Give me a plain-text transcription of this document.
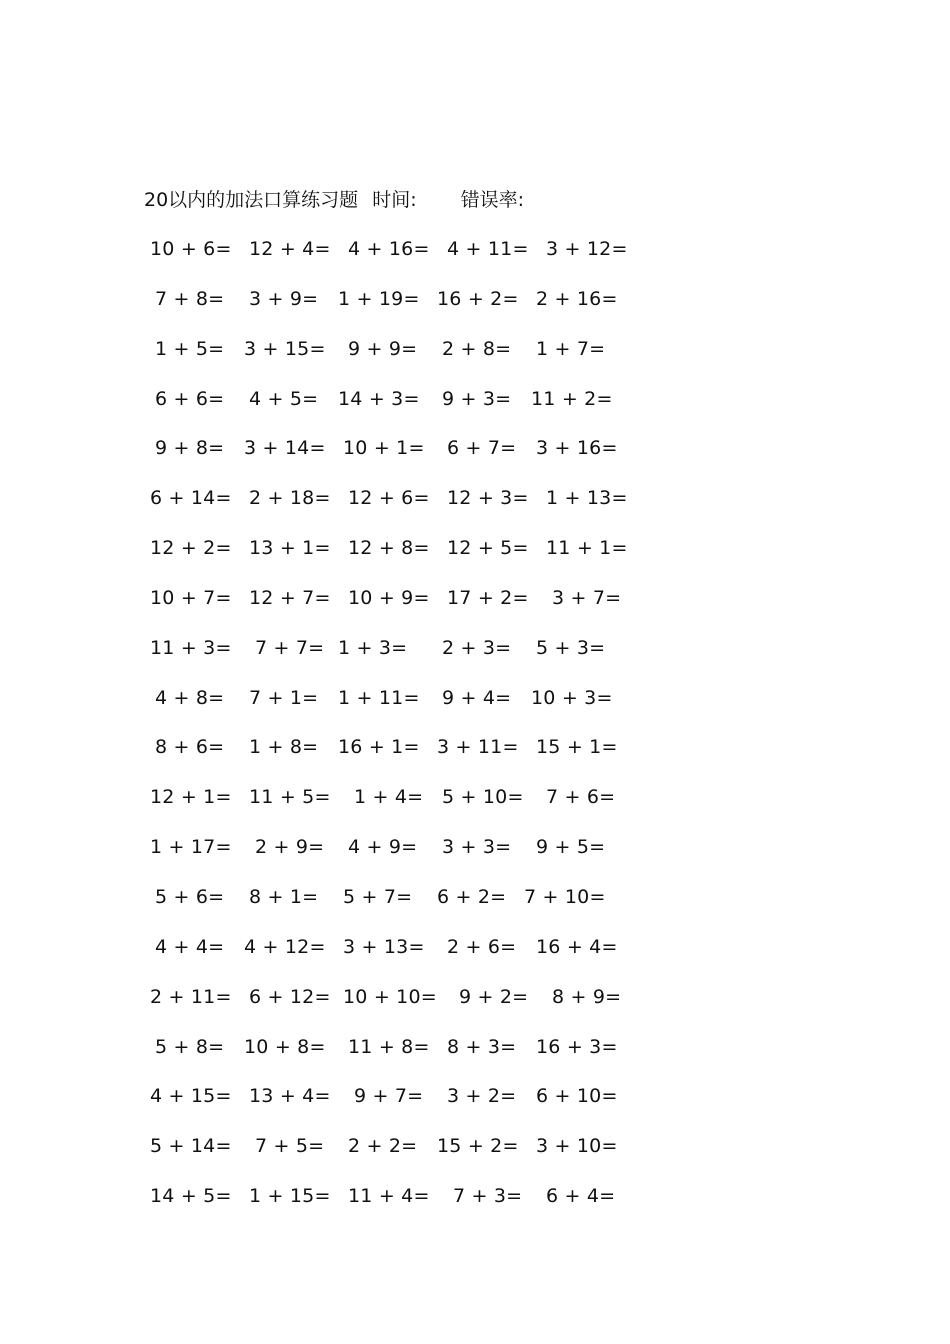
20以内的加法口算练习题 时间: 错误率:
10 + 6= 12 + 4= 4 + 16= 4 + 11= 3 + 12=
7 + 8= 3 + 9= 1 + 19= 16 + 2= 2 + 16=
1 + 5= 3 + 15= 9 + 9= 2 + 8= 1 + 7=
6 + 6= 4 + 5= 14 + 3= 9 + 3= 11 + 2=
9 + 8= 3 + 14= 10 + 1= 6 + 7= 3 + 16=
6 + 14= 2 + 18= 12 + 6= 12 + 3= 1 + 13=
12 + 2= 13 + 1= 12 + 8= 12 + 5= 11 + 1=
10 + 7= 12 + 7= 10 + 9= 17 + 2= 3 + 7=
11 + 3= 7 + 7= 1 + 3= 2 + 3= 5 + 3=
4 + 8= 7 + 1= 1 + 11= 9 + 4= 10 + 3=
8 + 6= 1 + 8= 16 + 1= 3 + 11= 15 + 1=
12 + 1= 11 + 5= 1 + 4= 5 + 10= 7 + 6=
1 + 17= 2 + 9= 4 + 9= 3 + 3= 9 + 5=
5 + 6= 8 + 1= 5 + 7= 6 + 2= 7 + 10=
4 + 4= 4 + 12= 3 + 13= 2 + 6= 16 + 4=
2 + 11= 6 + 12= 10 + 10= 9 + 2= 8 + 9=
5 + 8= 10 + 8= 11 + 8= 8 + 3= 16 + 3=
4 + 15= 13 + 4= 9 + 7= 3 + 2= 6 + 10=
5 + 14= 7 + 5= 2 + 2= 15 + 2= 3 + 10=
14 + 5= 1 + 15= 11 + 4= 7 + 3= 6 + 4=
